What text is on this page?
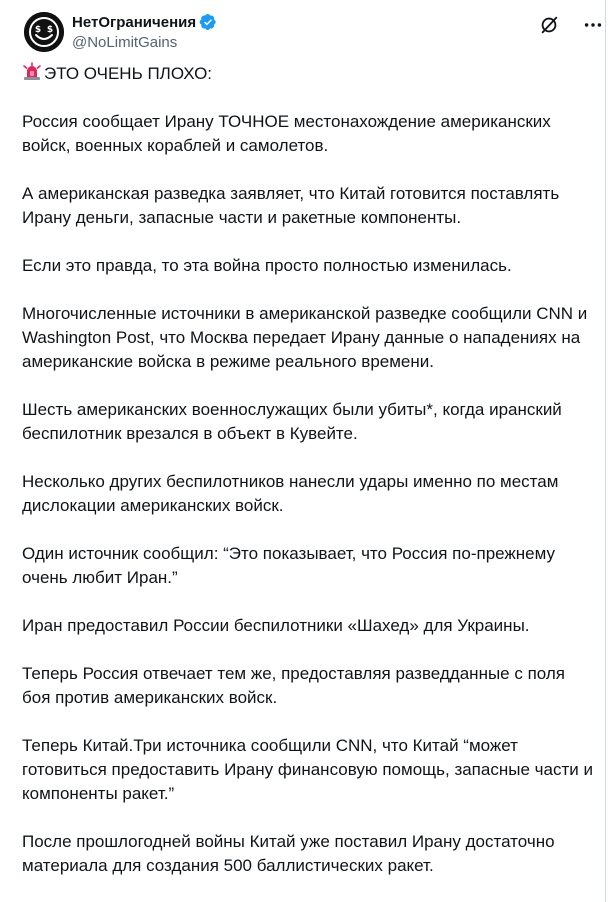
$ $ НетОграничения
@NoLimitGains

ЭТО ОЧЕНЬ ПЛОХО:

Россия сообщает Ирану ТОЧНОЕ местонахождение американских войск, военных кораблей и самолетов.

А американская разведка заявляет, что Китай готовится поставлять Ирану деньги, запасные части и ракетные компоненты.

Если это правда, то эта война просто полностью изменилась.

Многочисленные источники в американской разведке сообщили CNN и Washington Post, что Москва передает Ирану данные о нападениях на американские войска в режиме реального времени.

Шесть американских военнослужащих были убиты*, когда иранский беспилотник врезался в объект в Кувейте.

Несколько других беспилотников нанесли удары именно по местам дислокации американских войск.

Один источник сообщил: “Это показывает, что Россия по-прежнему очень любит Иран.”

Иран предоставил России беспилотники «Шахед» для Украины.

Теперь Россия отвечает тем же, предоставляя разведданные с поля боя против американских войск.

Теперь Китай.Три источника сообщили CNN, что Китай “может готовиться предоставить Ирану финансовую помощь, запасные части и компоненты ракет.”

После прошлогодней войны Китай уже поставил Ирану достаточно материала для создания 500 баллистических ракет.
